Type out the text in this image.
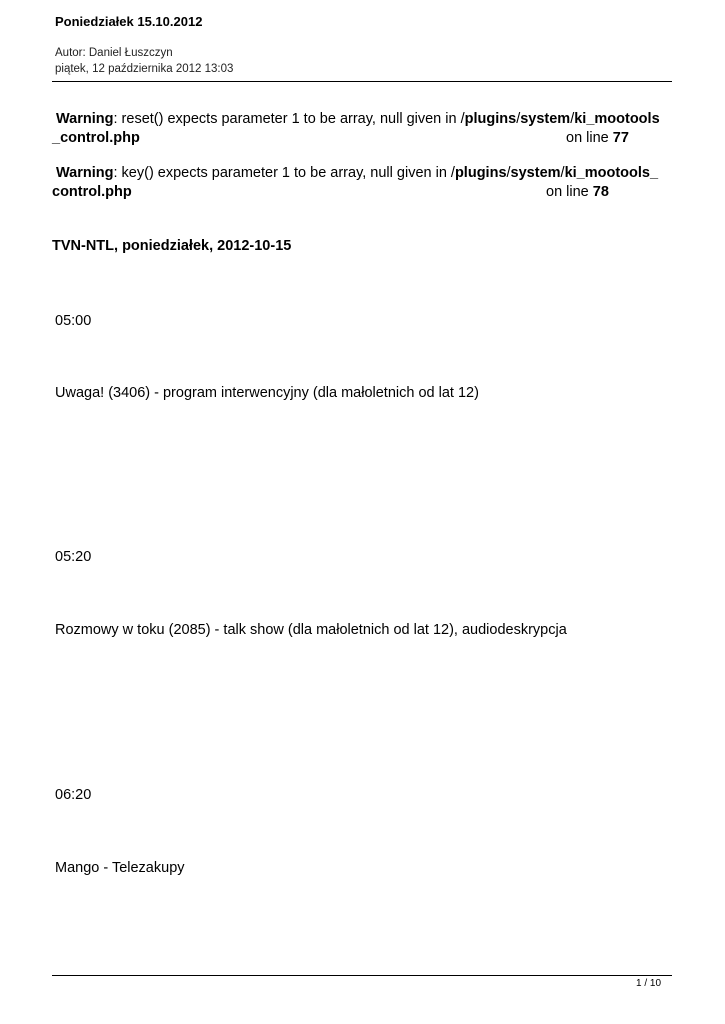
Poniedziałek 15.10.2012
Autor: Daniel Łuszczyn
piątek, 12 października 2012 13:03
Warning: reset() expects parameter 1 to be array, null given in /plugins/system/ki_mootools
_control.php	on line 77
Warning: key() expects parameter 1 to be array, null given in /plugins/system/ki_mootools_
control.php	on line 78
TVN-NTL, poniedziałek, 2012-10-15
05:00
Uwaga! (3406) - program interwencyjny (dla małoletnich od lat 12)
05:20
Rozmowy w toku (2085) - talk show (dla małoletnich od lat 12), audiodeskrypcja
06:20
Mango - Telezakupy
1 / 10
